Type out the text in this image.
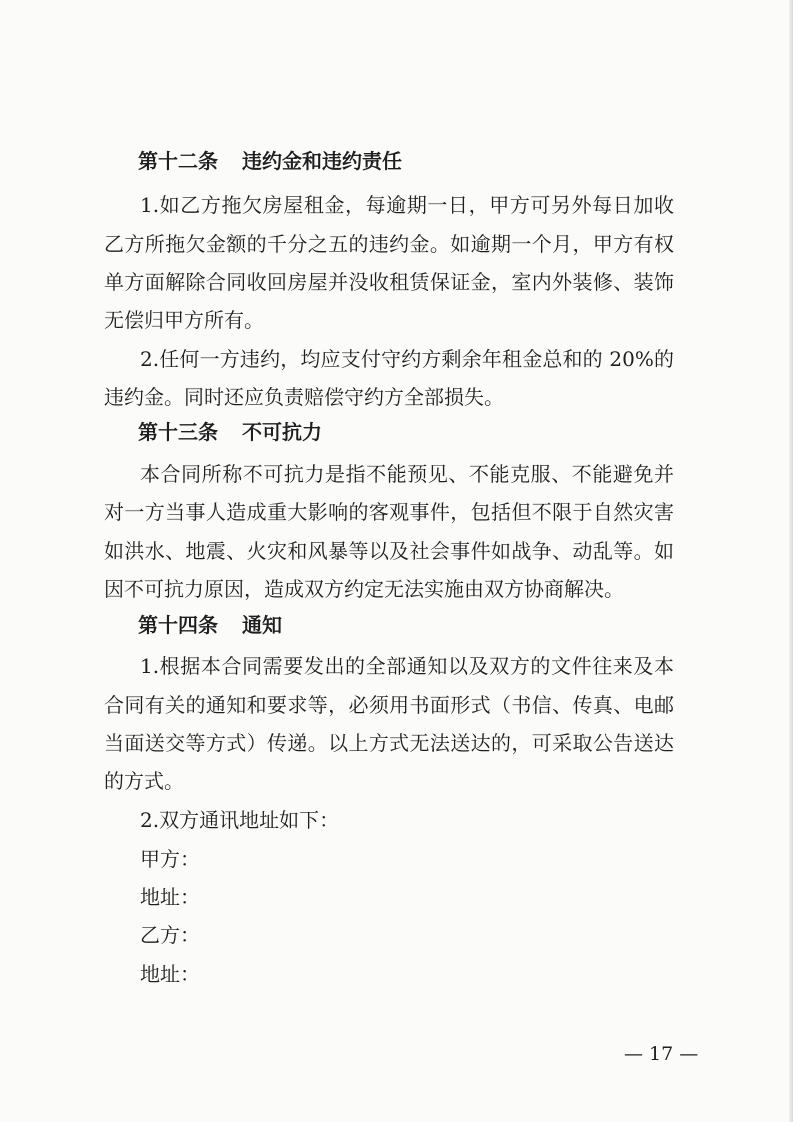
第十二条 违约金和违约责任
1.如乙方拖欠房屋租金，每逾期一日，甲方可另外每日加收
乙方所拖欠金额的千分之五的违约金。如逾期一个月，甲方有权
单方面解除合同收回房屋并没收租赁保证金，室内外装修、装饰
无偿归甲方所有。
2.任何一方违约，均应支付守约方剩余年租金总和的 20%的
违约金。同时还应负责赔偿守约方全部损失。
第十三条 不可抗力
本合同所称不可抗力是指不能预见、不能克服、不能避免并
对一方当事人造成重大影响的客观事件，包括但不限于自然灾害
如洪水、地震、火灾和风暴等以及社会事件如战争、动乱等。如
因不可抗力原因，造成双方约定无法实施由双方协商解决。
第十四条 通知
1.根据本合同需要发出的全部通知以及双方的文件往来及本
合同有关的通知和要求等，必须用书面形式（书信、传真、电邮
当面送交等方式）传递。以上方式无法送达的，可采取公告送达
的方式。
2.双方通讯地址如下：
甲方：
地址：
乙方：
地址：
— 17 —
